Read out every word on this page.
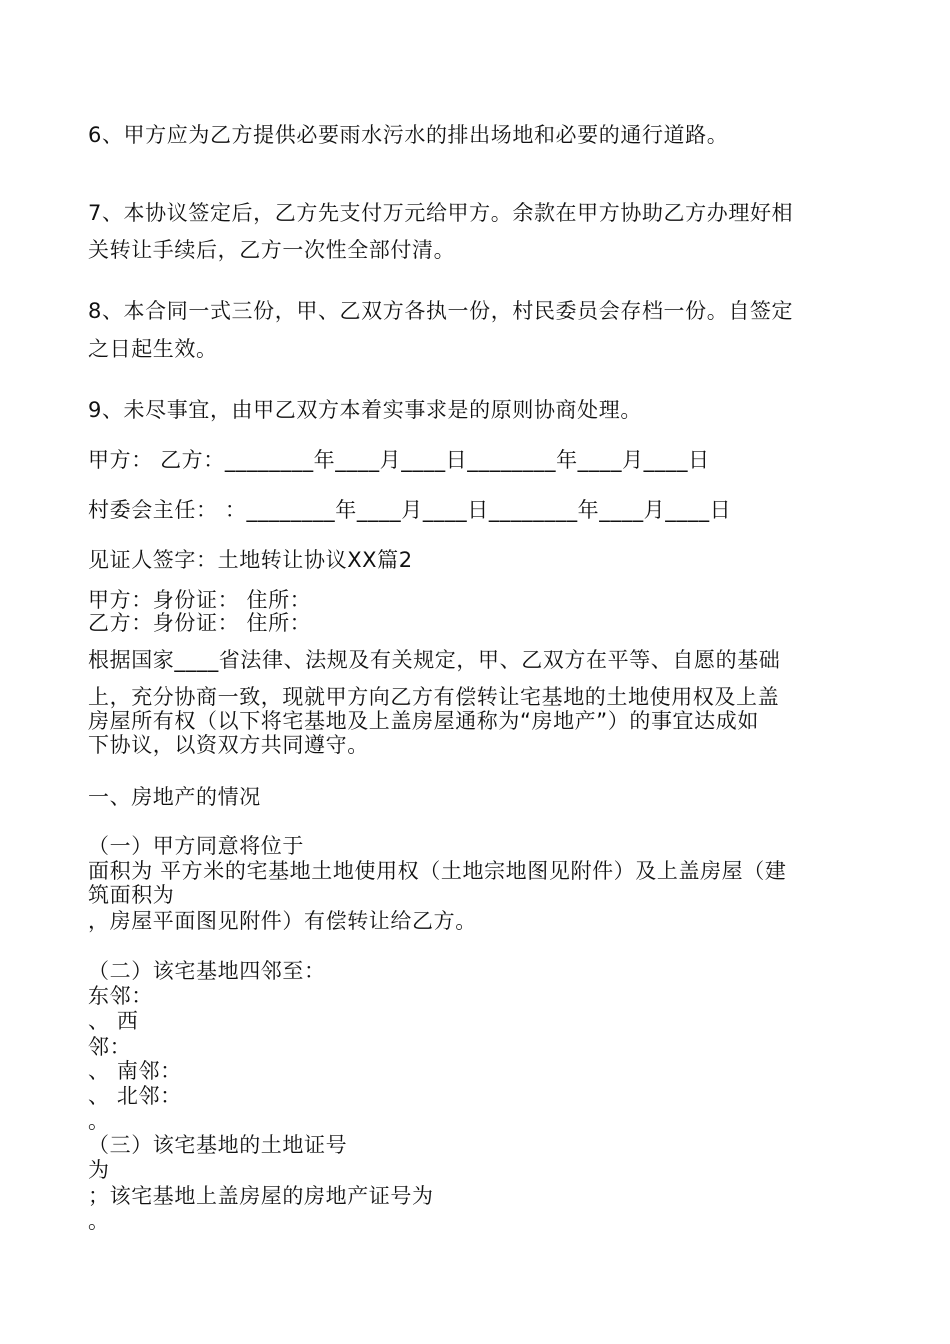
6、甲方应为乙方提供必要雨水污水的排出场地和必要的通行道路。
7、本协议签定后，乙方先支付万元给甲方。余款在甲方协助乙方办理好相
关转让手续后，乙方一次性全部付清。
8、本合同一式三份，甲、乙双方各执一份，村民委员会存档一份。自签定
之日起生效。
9、未尽事宜，由甲乙双方本着实事求是的原则协商处理。
甲方： 乙方：________年____月____日________年____月____日
村委会主任： ：________年____月____日________年____月____日
见证人签字：土地转让协议XX篇2
甲方：身份证： 住所：
乙方：身份证： 住所：
根据国家____省法律、法规及有关规定，甲、乙双方在平等、自愿的基础
上，充分协商一致，现就甲方向乙方有偿转让宅基地的土地使用权及上盖
房屋所有权（以下将宅基地及上盖房屋通称为“房地产”）的事宜达成如
下协议，以资双方共同遵守。
一、房地产的情况
（一）甲方同意将位于
面积为 平方米的宅基地土地使用权（土地宗地图见附件）及上盖房屋（建
筑面积为
，房屋平面图见附件）有偿转让给乙方。
（二）该宅基地四邻至：
东邻：
、 西
邻：
、 南邻：
、 北邻：
。
（三）该宅基地的土地证号
为
；该宅基地上盖房屋的房地产证号为
。
